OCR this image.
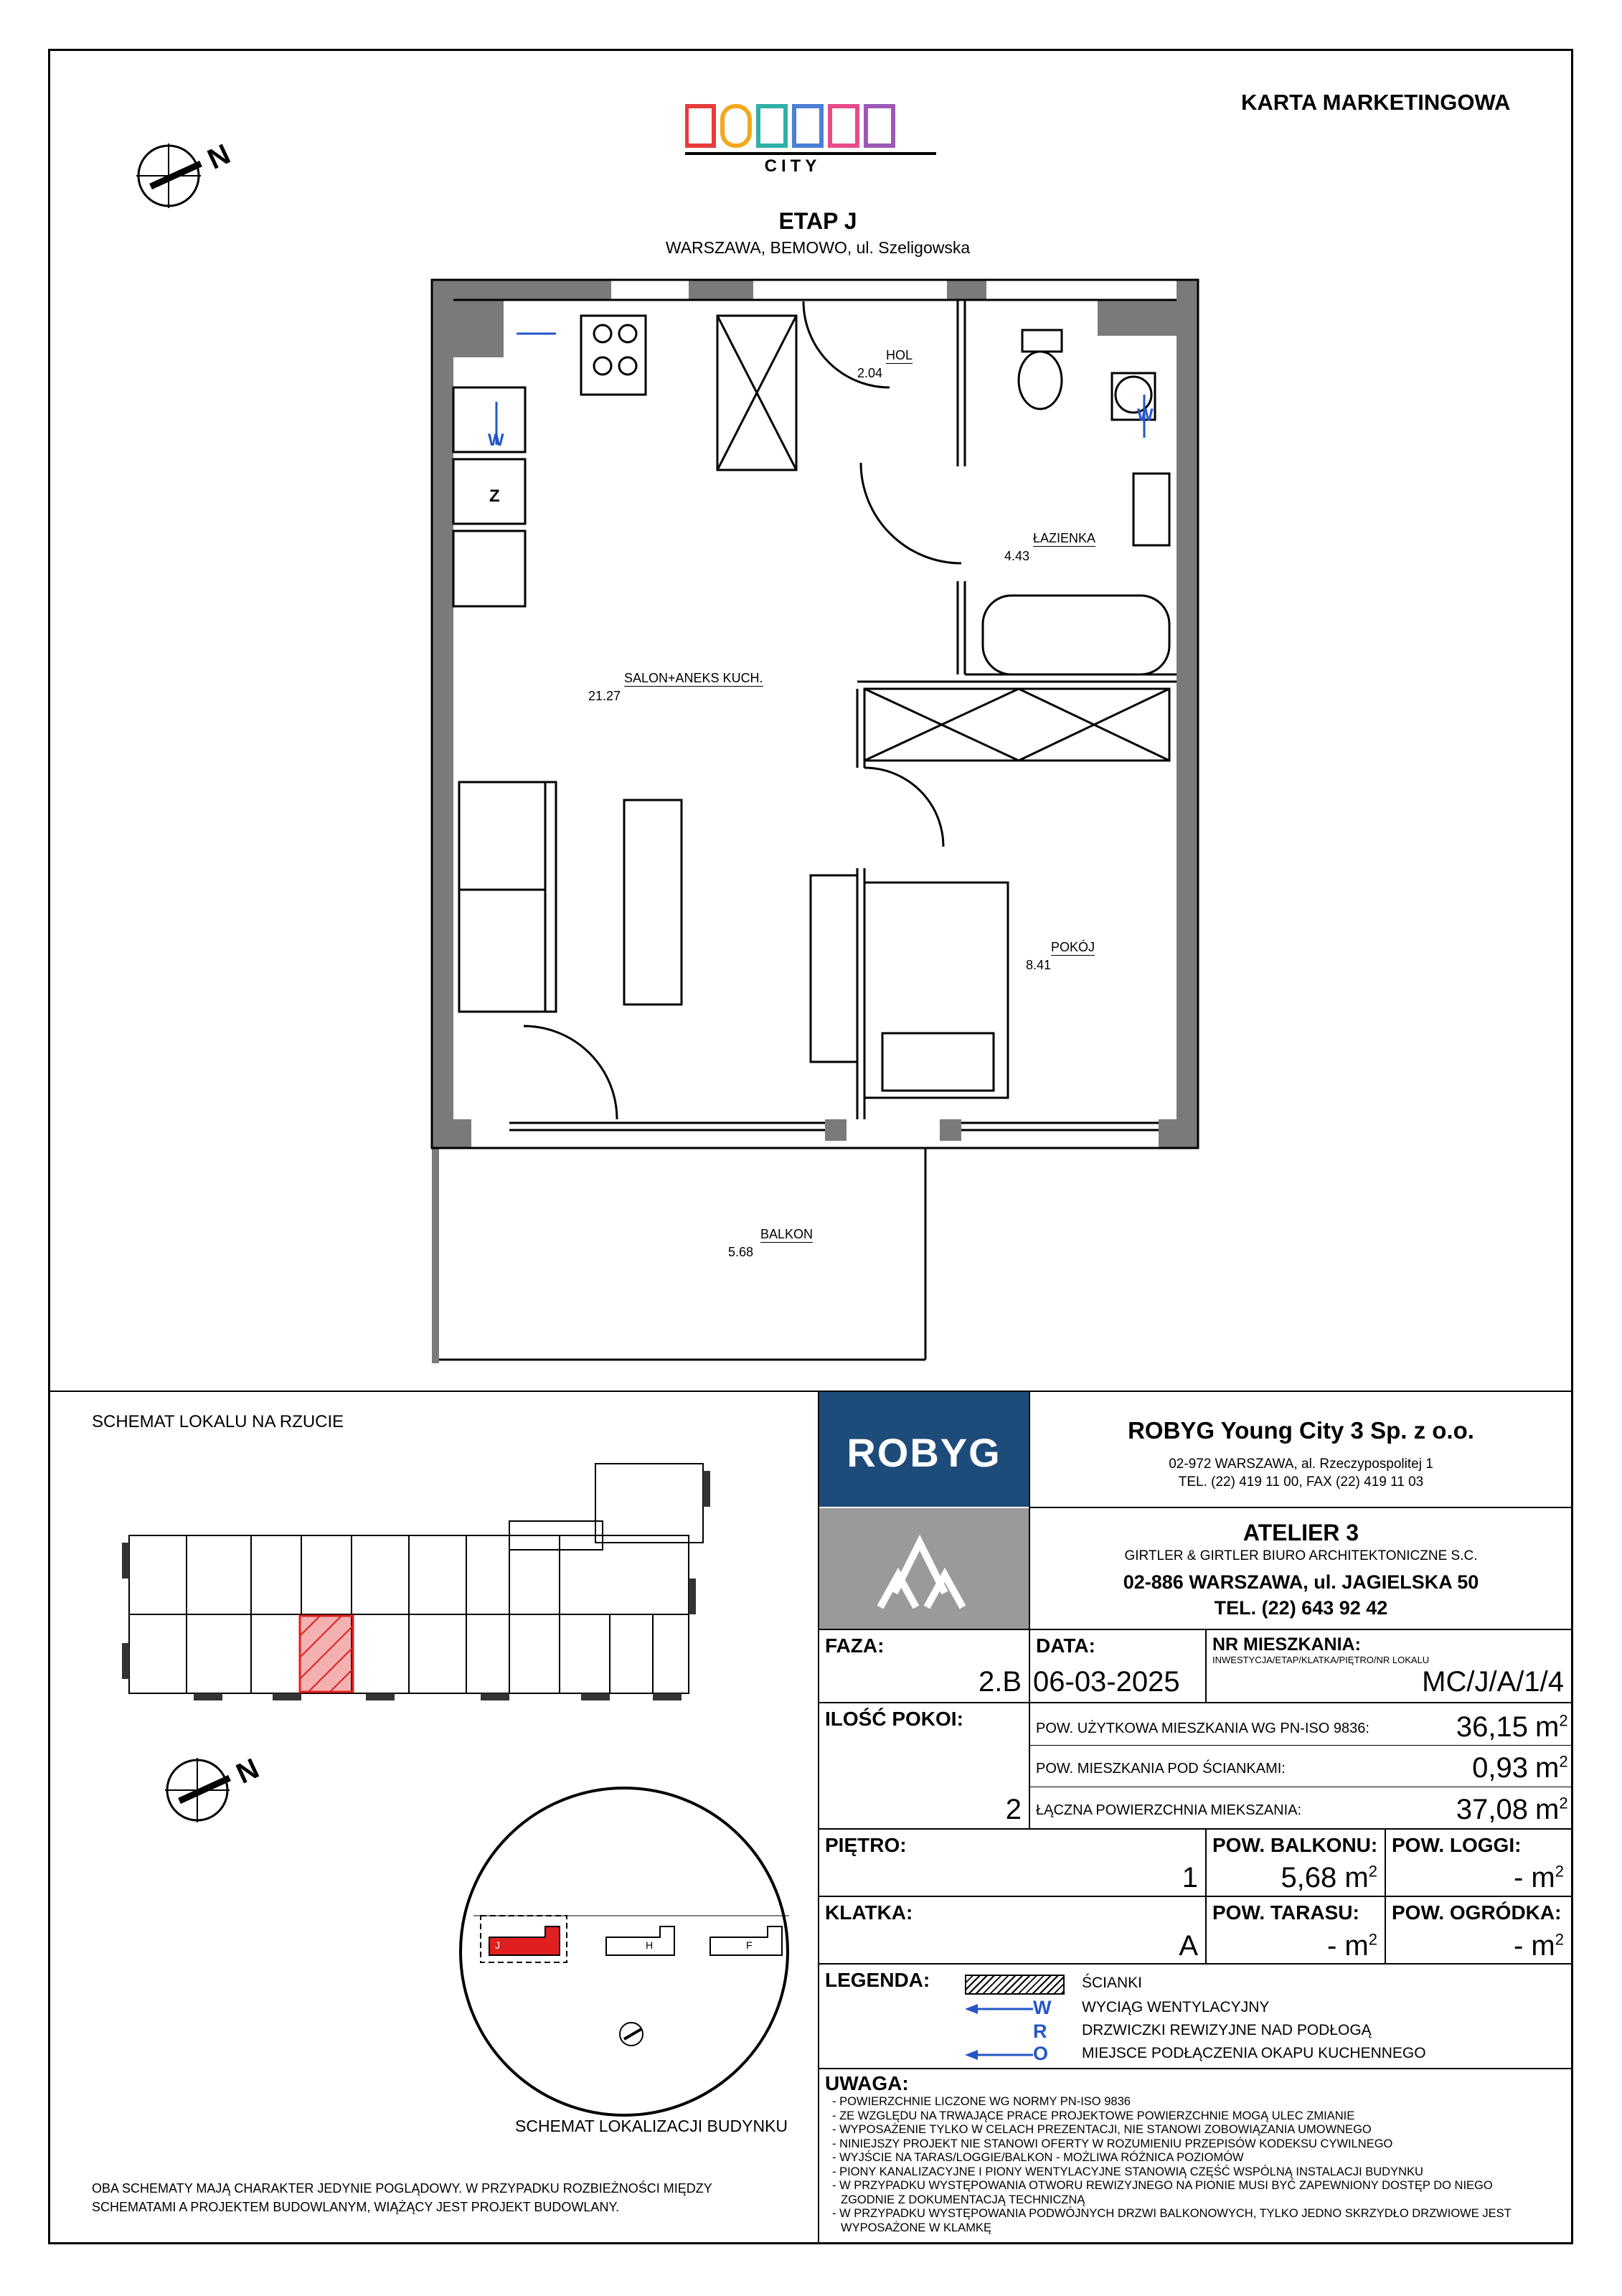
KARTA MARKETINGOWA
N	CITY
ETAP J
WARSZAWA, BEMOWO, ul. Szeligowska
Z
W
W
HOL
2.04
ŁAZIENKA
4.43
SALON+ANEKS KUCH.
21.27
POKÓJ
8.41
BALKON
5.68
SCHEMAT LOKALU NA RZUCIE
N
J	H	F
SCHEMAT LOKALIZACJI BUDYNKU
OBA SCHEMATY MAJĄ CHARAKTER JEDYNIE POGLĄDOWY. W PRZYPADKU ROZBIEŻNOŚCI MIĘDZY
SCHEMATAMI A PROJEKTEM BUDOWLANYM, WIĄŻĄCY JEST PROJEKT BUDOWLANY.
ROBYG	ROBYG Young City 3 Sp. z o.o.
02-972 WARSZAWA, al. Rzeczypospolitej 1
TEL. (22) 419 11 00, FAX (22) 419 11 03
ATELIER 3
GIRTLER & GIRTLER BIURO ARCHITEKTONICZNE S.C.
02-886 WARSZAWA, ul. JAGIELSKA 50
TEL. (22) 643 92 42
FAZA:
2.B
DATA:
06-03-2025
NR MIESZKANIA:
INWESTYCJA/ETAP/KLATKA/PIĘTRO/NR LOKALU
MC/J/A/1/4
ILOŚĆ POKOI:
2
POW. UŻYTKOWA MIESZKANIA WG PN-ISO 9836:	36,15 $m^2$
POW. MIESZKANIA POD ŚCIANKAMI:	0,93 $m^2$
ŁĄCZNA POWIERZCHNIA MIEKSZANIA:	37,08 $m^2$
PIĘTRO:
1
POW. BALKONU:
5,68 $m^2$
POW. LOGGI:
- $m^2$
KLATKA:
A
POW. TARASU:
- $m^2$
POW. OGRÓDKA:
- $m^2$
LEGENDA:	ŚCIANKI
W WYCIĄG WENTYLACYJNY
R DRZWICZKI REWIZYJNE NAD PODŁOGĄ
O MIEJSCE PODŁĄCZENIA OKAPU KUCHENNEGO
UWAGA:
- POWIERZCHNIE LICZONE WG NORMY PN-ISO 9836
- ZE WZGLĘDU NA TRWAJĄCE PRACE PROJEKTOWE POWIERZCHNIE MOGĄ ULEC ZMIANIE
- WYPOSAŻENIE TYLKO W CELACH PREZENTACJI, NIE STANOWI ZOBOWIĄZANIA UMOWNEGO
- NINIEJSZY PROJEKT NIE STANOWI OFERTY W ROZUMIENIU PRZEPISÓW KODEKSU CYWILNEGO
- WYJŚCIE NA TARAS/LOGGIE/BALKON - MOŻLIWA RÓŻNICA POZIOMÓW
- PIONY KANALIZACYJNE I PIONY WENTYLACYJNE STANOWIĄ CZĘŚĆ WSPÓLNĄ INSTALACJI BUDYNKU
- W PRZYPADKU WYSTĘPOWANIA OTWORU REWIZYJNEGO NA PIONIE MUSI BYĆ ZAPEWNIONY DOSTĘP DO NIEGO
ZGODNIE Z DOKUMENTACJĄ TECHNICZNĄ
- W PRZYPADKU WYSTĘPOWANIA PODWÓJNYCH DRZWI BALKONOWYCH, TYLKO JEDNO SKRZYDŁO DRZWIOWE JEST
WYPOSAŻONE W KLAMKĘ
